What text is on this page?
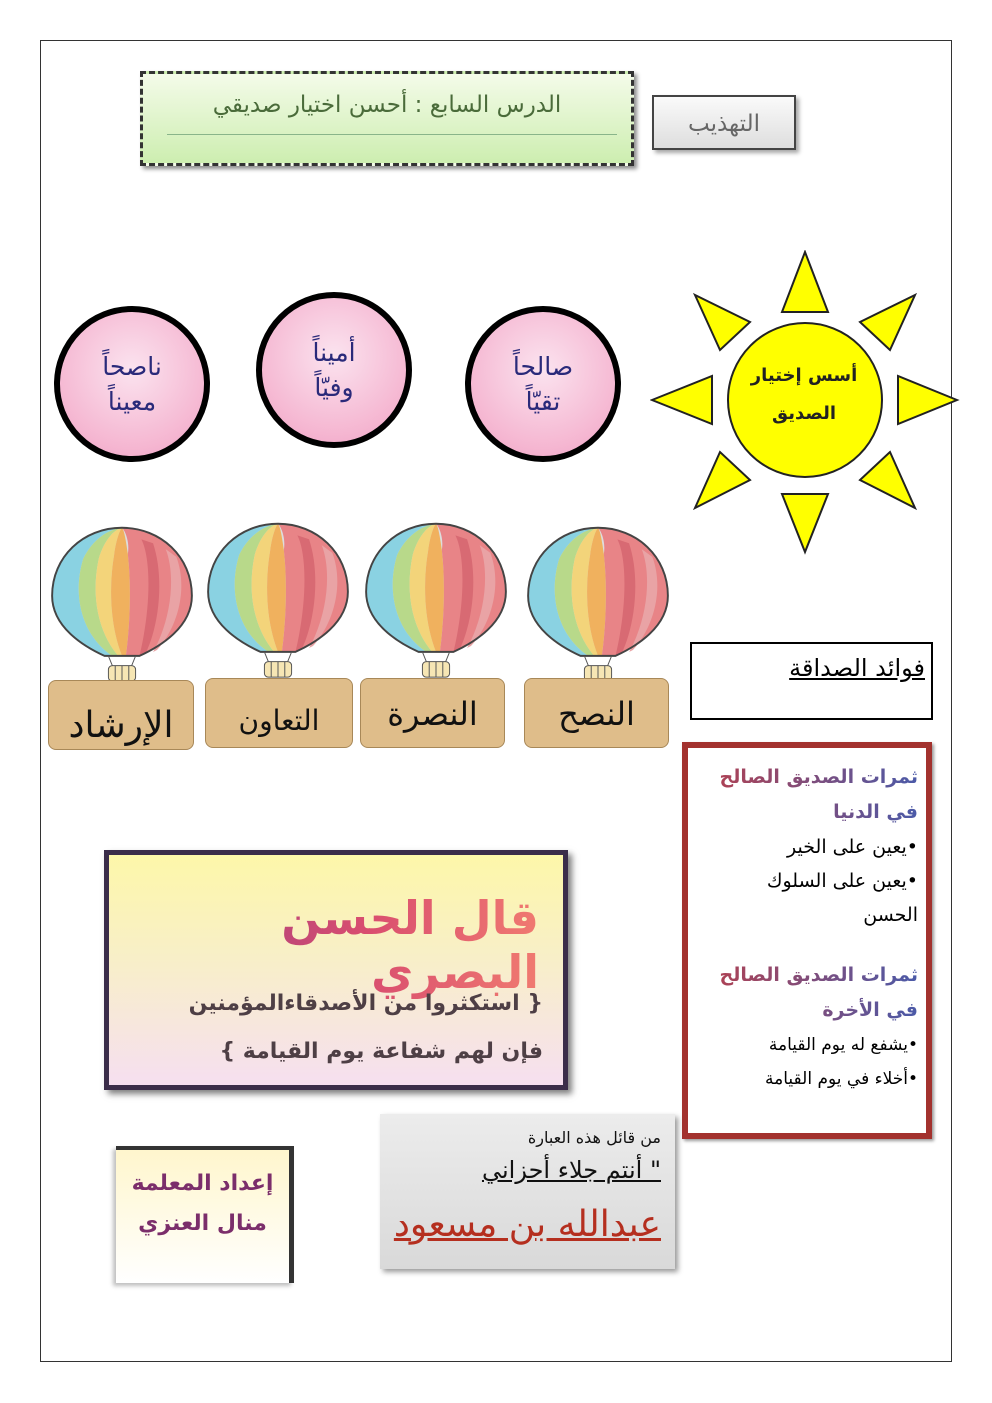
الدرس السابع : أحسن اختيار صديقي
التهذيب
أسس إختيار
الصديق
صالحاً
تقيّاً
أميناً
وفيّاً
ناصحاً
معيناً
النصح
النصرة
التعاون
الإرشاد
فوائد الصداقة
ثمرات الصديق الصالح
في الدنيا
•يعين على الخير
•يعين على السلوك
الحسن
ثمرات الصديق الصالح
في الأخرة
•يشفع له يوم القيامة
•أخلاء في يوم القيامة
قال الحسن البصري
{ استكثروا من الأصدقاءالمؤمنين
فإن لهم شفاعة يوم القيامة }
إعداد المعلمة
منال العنزي
من قائل هذه العبارة
" أنتم جلاء أحزاني
عبدالله بن مسعود
